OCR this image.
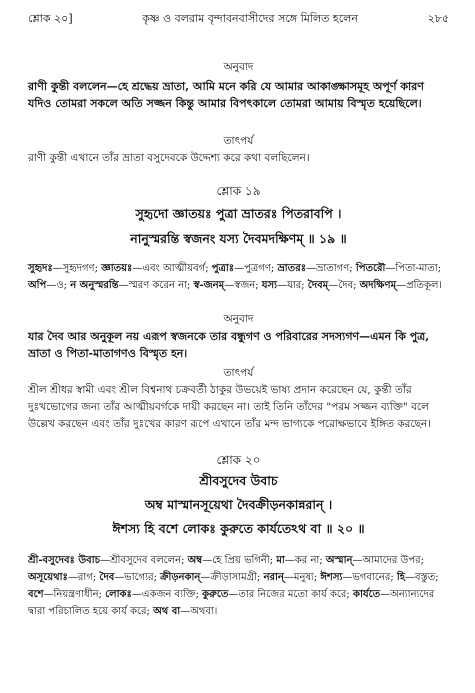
শ্লোক ২০]	কৃষ্ণ ও বলরাম বৃন্দাবনবাসীদের সঙ্গে মিলিত হলেন	২৮৫
অনুবাদ
রাণী কুন্তী বললেন—হে শ্রদ্ধেয় ভ্রাতা, আমি মনে করি যে আমার আকাঙ্ক্ষাসমূহ অপূর্ণ কারণ যদিও তোমরা সকলে অতি সজ্জন কিন্তু আমার বিপৎকালে তোমরা আমায় বিস্মৃত হয়েছিলে।
তাৎপর্য
রাণী কুন্তী এখানে তাঁর ভ্রাতা বসুদেবকে উদ্দেশ্য করে কথা বলছিলেন।
শ্লোক ১৯
সুহৃদো জ্ঞাতয়ঃ পুত্রা ভ্রাতরঃ পিতরাবপি ।
নানুস্মরন্তি স্বজনং যস্য দৈবমদক্ষিণম্ ॥ ১৯ ॥
সুহৃদঃ—সুহৃদগণ; জ্ঞাতয়ঃ—এবং আত্মীয়বর্গ; পুত্রাঃ—পুত্রগণ; ভ্রাতরঃ—ভ্রাতাগণ; পিতরৌ—পিতা-মাতা; অপি—ও; ন অনুস্মরন্তি—স্মরণ করেন না; স্ব-জনম্—স্বজন; যস্য—যার; দৈবম্—দৈব; অদক্ষিণম্—প্রতিকূল।
অনুবাদ
যার দৈব আর অনুকূল নয় এরূপ স্বজনকে তার বন্ধুগণ ও পরিবারের সদস্যগণ—এমন কি পুত্র, ভ্রাতা ও পিতা-মাতাগণও বিস্মৃত হন।
তাৎপর্য
শ্রীল শ্রীধর স্বামী এবং শ্রীল বিশ্বনাথ চক্রবর্তী ঠাকুর উভয়েই ভাষ্য প্রদান করেছেন যে, কুন্তী তাঁর দুঃখভোগের জন্য তাঁর আত্মীয়বর্গকে দায়ী করছেন না। তাই তিনি তাঁদের "পরম সজ্জন ব্যক্তি" বলে উল্লেখ করছেন এবং তাঁর দুঃখের কারণ রূপে এখানে তাঁর মন্দ ভাগ্যকে পরোক্ষভাবে ইঙ্গিত করছেন।
শ্লোক ২০
শ্রীবসুদেব উবাচ
অম্ব মাস্মানসূয়েথা দৈবক্রীড়নকান্নরান্ ।
ঈশস্য হি বশে লোকঃ কুরুতে কার্যতেঽথ বা ॥ ২০ ॥
শ্রী-বসুদেবঃ উবাচ—শ্রীবসুদেব বললেন; অম্ব—হে প্রিয় ভগিনী; মা—কর না; অস্মান্—আমাদের উপর; অসূয়েথাঃ—রাগ; দৈব—ভাগ্যের; ক্রীড়নকান্—ক্রীড়াসামগ্রী; নরান্—মনুষ্য; ঈশস্য—ভগবানের; হি—বস্তুত; বশে—নিয়ন্ত্রণাধীন; লোকঃ—একজন ব্যক্তি; কুরুতে—তার নিজের মতো কার্য করে; কার্যতে—অন্যান্যদের দ্বারা পরিচালিত হয়ে কার্য করে; অথ বা—অথবা।
